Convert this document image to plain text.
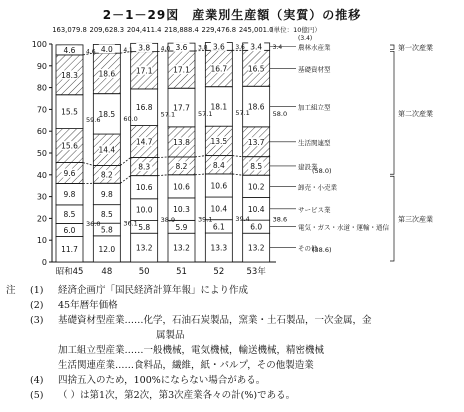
2－1－29図　産業別生産額（実質）の推移
0
10
20
30
40
50
60
70
80
90
100
（単位：10億円）
11.7
6.0
8.5
9.8
9.6
15.6
15.5
18.3
4.6
163,079.8
昭和45
12.0
5.8
8.5
9.8
8.2
14.4
18.5
18.6
4.0
209,628.3
48
13.2
5.8
10.0
10.6
8.3
14.7
16.8
17.1
3.8
204,411.4
50
13.2
5.9
10.3
10.6
8.2
13.8
17.7
17.1
3.6
218,888.4
51
13.3
6.1
10.4
10.6
8.4
13.5
18.1
16.7
3.6
229,476.8
52
13.2
6.0
10.4
10.2
8.5
13.7
18.6
16.5
3.4
245,001.0
53年
59.6
36.0
4.6
60.0
36.1
4.1
57.1
38.9
4.0
57.1
39.1
3.8
57.1
39.4
3.6
58.0
38.6
3.4 農林水産業
基礎資材型
加工組立型
生活関連型
建設業
卸売・小売業
サービス業
電気・ガス・水道・運輸・通信
その他
(3.4)
(58.0)
(38.6)
第一次産業
第二次産業
第三次産業
注	(1) 経済企画庁「国民経済計算年報」により作成
(2) 45年暦年価格
(3) 基礎資材型産業……化学，石油石炭製品，窯業・土石製品，一次金属，金
属製品
加工組立型産業……一般機械，電気機械，輸送機械，精密機械
生活関連産業……食料品，繊維，紙・パルプ，その他製造業
(4) 四捨五入のため，100%にならない場合がある。
(5) （ ）は第1次，第2次，第3次産業各々の計(%)である。
